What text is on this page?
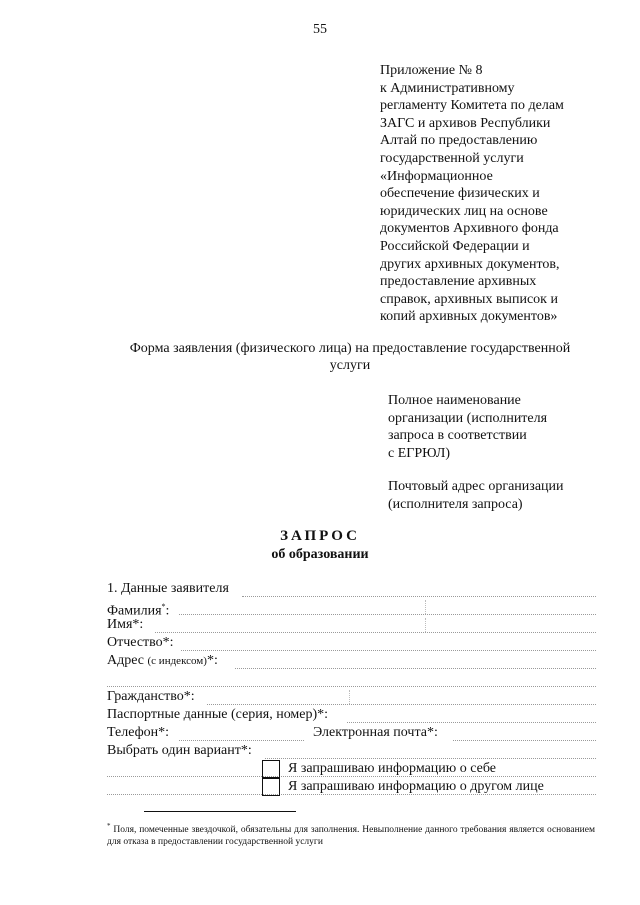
55
Приложение № 8
к Административному
регламенту Комитета по делам
ЗАГС и архивов Республики
Алтай по предоставлению
государственной услуги
«Информационное
обеспечение физических и
юридических лиц на основе
документов Архивного фонда
Российской Федерации и
других архивных документов,
предоставление архивных
справок, архивных выписок и
копий архивных документов»
Форма заявления (физического лица) на предоставление государственной
услуги
Полное наименование
организации (исполнителя
запроса в соответствии
с ЕГРЮЛ)
Почтовый адрес организации
(исполнителя запроса)
ЗАПРОС
об образовании
1. Данные заявителя
Фамилия*:
Имя*:
Отчество*:
Адрес (с индексом)*:
Гражданство*:
Паспортные данные (серия, номер)*:
Телефон*:	Электронная почта*:
Выбрать один вариант*:
Я запрашиваю информацию о себе
Я запрашиваю информацию о другом лице
* Поля, помеченные звездочкой, обязательны для заполнения. Невыполнение данного требования является основанием для отказа в предоставлении государственной услуги
